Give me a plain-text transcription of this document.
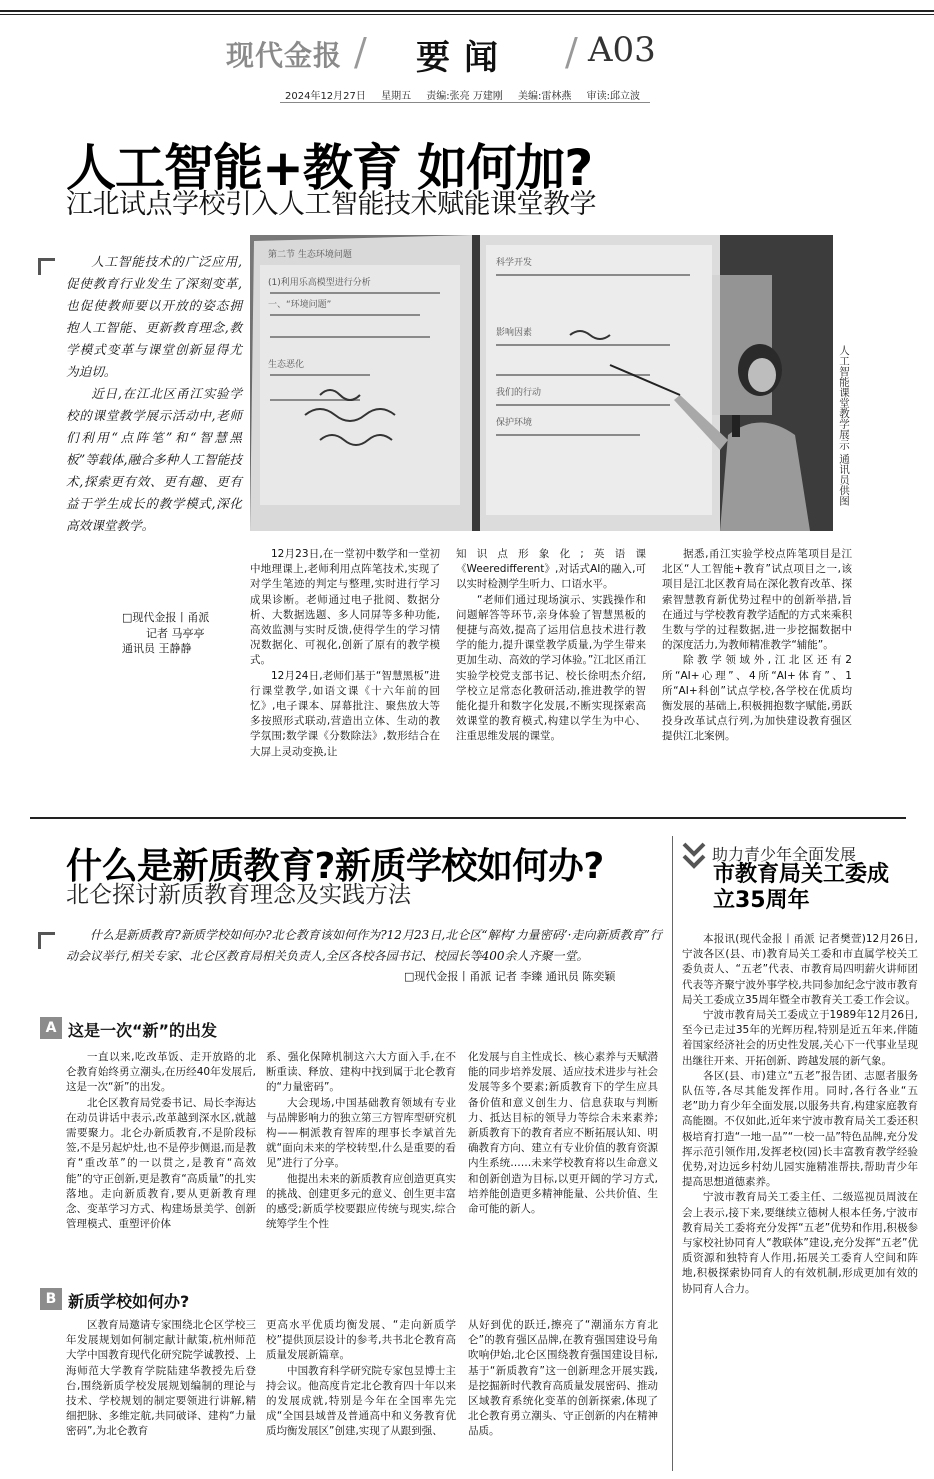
现代金报 / 要闻 / A03
2024年12月27日 星期五 责编:张亮 万建刚 美编:雷林燕 审读:邱立波
人工智能+教育 如何加?
江北试点学校引入人工智能技术赋能课堂教学

人工智能技术的广泛应用,促使教育行业发生了深刻变革,也促使教师要以开放的姿态拥抱人工智能、更新教育理念,教学模式变革与课堂创新显得尤为迫切。

近日,在江北区甬江实验学校的课堂教学展示活动中,老师们利用“点阵笔”和“智慧黑板”等载体,融合多种人工智能技术,探索更有效、更有趣、更有益于学生成长的教学模式,深化高效课堂教学。

□现代金报丨甬派
记者 马亭亭
通讯员 王静静
第二节 生态环境问题
(1)利用乐高模型进行分析
一、“环境问题”
生态恶化
科学开发
影响因素
我们的行动
保护环境	人工智能课堂教学展示 通讯员供图

12月23日,在一堂初中数学和一堂初中地理课上,老师利用点阵笔技术,实现了对学生笔迹的判定与整理,实时进行学习成果诊断。老师通过电子批阅、数据分析、大数据选题、多人同屏等多种功能,高效监测与实时反馈,使得学生的学习情况数据化、可视化,创新了原有的教学模式。

12月24日,老师们基于“智慧黑板”进行课堂教学,如语文课《十六年前的回忆》,电子课本、屏幕批注、聚焦放大等多按照形式联动,营造出立体、生动的教学氛围;数学课《分数除法》,数形结合在大屏上灵动变换,让

知识点形象化;英语课《Weeredifferent》,对话式AI的融入,可以实时检测学生听力、口语水平。

“老师们通过现场演示、实践操作和问题解答等环节,亲身体验了智慧黑板的便捷与高效,提高了运用信息技术进行教学的能力,提升课堂教学质量,为学生带来更加生动、高效的学习体验。”江北区甬江实验学校党支部书记、校长徐明杰介绍,学校立足常态化教研活动,推进教学的智能化提升和数字化发展,不断实现探索高效课堂的教育模式,构建以学生为中心、注重思维发展的课堂。

据悉,甬江实验学校点阵笔项目是江北区“人工智能+教育”试点项目之一,该项目是江北区教育局在深化教育改革、探索智慧教育新优势过程中的创新举措,旨在通过与学校教育教学适配的方式来乘积生数与学的过程数据,进一步挖掘数据中的深度活力,为教师精准教学“辅能”。

除教学领域外,江北区还有2所“AI+心理”、4所“AI+体育”、1所“AI+科创”试点学校,各学校在优质均衡发展的基础上,积极拥抱数字赋能,勇跃投身改革试点行列,为加快建设教育强区提供江北案例。

什么是新质教育?新质学校如何办?
北仑探讨新质教育理念及实践方法

什么是新质教育?新质学校如何办?北仑教育该如何作为?12月23日,北仑区“解构‘力量密码’·走向新质教育”行动会议举行,相关专家、北仑区教育局相关负责人,全区各校各园书记、校园长等400余人齐聚一堂。

□现代金报丨甬派 记者 李臻 通讯员 陈奕颖
A 这是一次“新”的出发

一直以来,吃改革饭、走开放路的北仑教育始终勇立潮头,在历经40年发展后,这是一次“新”的出发。

北仑区教育局党委书记、局长李海达在动员讲话中表示,改革越到深水区,就越需要聚力。北仑办新质教育,不是阶段标签,不是另起炉灶,也不是停步侧退,而是教育“重改革”的一以贯之,是教育“高效能”的守正创新,更是教育“高质量”的扎实落地。走向新质教育,要从更新教育理念、变革学习方式、构建场景美学、创新管理模式、重塑评价体

系、强化保障机制这六大方面入手,在不断重读、释放、建构中找到属于北仑教育的“力量密码”。

大会现场,中国基础教育领域有专业与品牌影响力的独立第三方智库型研究机构——桐派教育智库的理事长李斌首先就“面向未来的学校转型,什么是重要的看见”进行了分享。

他提出未来的新质教育应创造更真实的挑战、创建更多元的意义、创生更丰富的感受;新质学校要跟应传统与现实,综合统筹学生个性

化发展与自主性成长、核心素养与天赋潜能的同步培养发展、适应技术进步与社会发展等多个要素;新质教育下的学生应具备价值和意义创生力、信息获取与判断力、抵达目标的领导力等综合未来素养;新质教育下的教育者应不断拓展认知、明确教育方向、建立有专业价值的教育资源内生系统……未来学校教育将以生命意义和创新创造为目标,以更开阔的学习方式,培养能创造更多精神能量、公共价值、生命可能的新人。

B 新质学校如何办?

区教育局邀请专家围绕北仑区学校三年发展规划如何制定献计献策,杭州师范大学中国教育现代化研究院学诚教授、上海师范大学教育学院陆建华教授先后登台,围绕新质学校发展规划编制的理论与技术、学校规划的制定要领进行讲解,精细把脉、多维定航,共同破译、建构“力量密码”,为北仑教育

更高水平优质均衡发展、“走向新质学校”提供顶层设计的参考,共书北仑教育高质量发展新篇章。

中国教育科学研究院专家包昱博士主持会议。他高度肯定北仑教育四十年以来的发展成就,特别是今年在全国率先完成“全国县域普及普通高中和义务教育优质均衡发展区”创建,实现了从跟到强、

从好到优的跃迁,擦亮了“潮涌东方育北仑”的教育强区品牌,在教育强国建设号角吹响伊始,北仑区围绕教育强国建设目标,基于“新质教育”这一创新理念开展实践,是挖掘新时代教育高质量发展密码、推动区域教育系统化变革的创新探索,体现了北仑教育勇立潮头、守正创新的内在精神品质。

助力青少年全面发展
市教育局关工委成立35周年

本报讯(现代金报丨甬派 记者樊萱)12月26日,宁波各区(县、市)教育局关工委和市直属学校关工委负责人、“五老”代表、市教育局四明薪火讲师团代表等齐聚宁波外事学校,共同参加纪念宁波市教育局关工委成立35周年暨全市教育关工委工作会议。

宁波市教育局关工委成立于1989年12月26日,至今已走过35年的光辉历程,特别是近五年来,伴随着国家经济社会的历史性发展,关心下一代事业呈现出继往开来、开拓创新、跨越发展的新气象。

各区(县、市)建立“五老”报告团、志愿者服务队伍等,各尽其能发挥作用。同时,各行各业“五老”助力育少年全面发展,以服务共育,构建家庭教育高能圈。不仅如此,近年来宁波市教育局关工委还积极培育打造“一地一品”“一校一品”特色品牌,充分发挥示范引领作用,发挥老校(园)长丰富教育教学经验优势,对边远乡村幼儿园实施精准帮扶,帮助青少年提高思想道德素养。

宁波市教育局关工委主任、二级巡视员周波在会上表示,接下来,要继续立德树人根本任务,宁波市教育局关工委将充分发挥“五老”优势和作用,积极参与家校社协同育人“教联体”建设,充分发挥“五老”优质资源和独特育人作用,拓展关工委育人空间和阵地,积极探索协同育人的有效机制,形成更加有效的协同育人合力。
